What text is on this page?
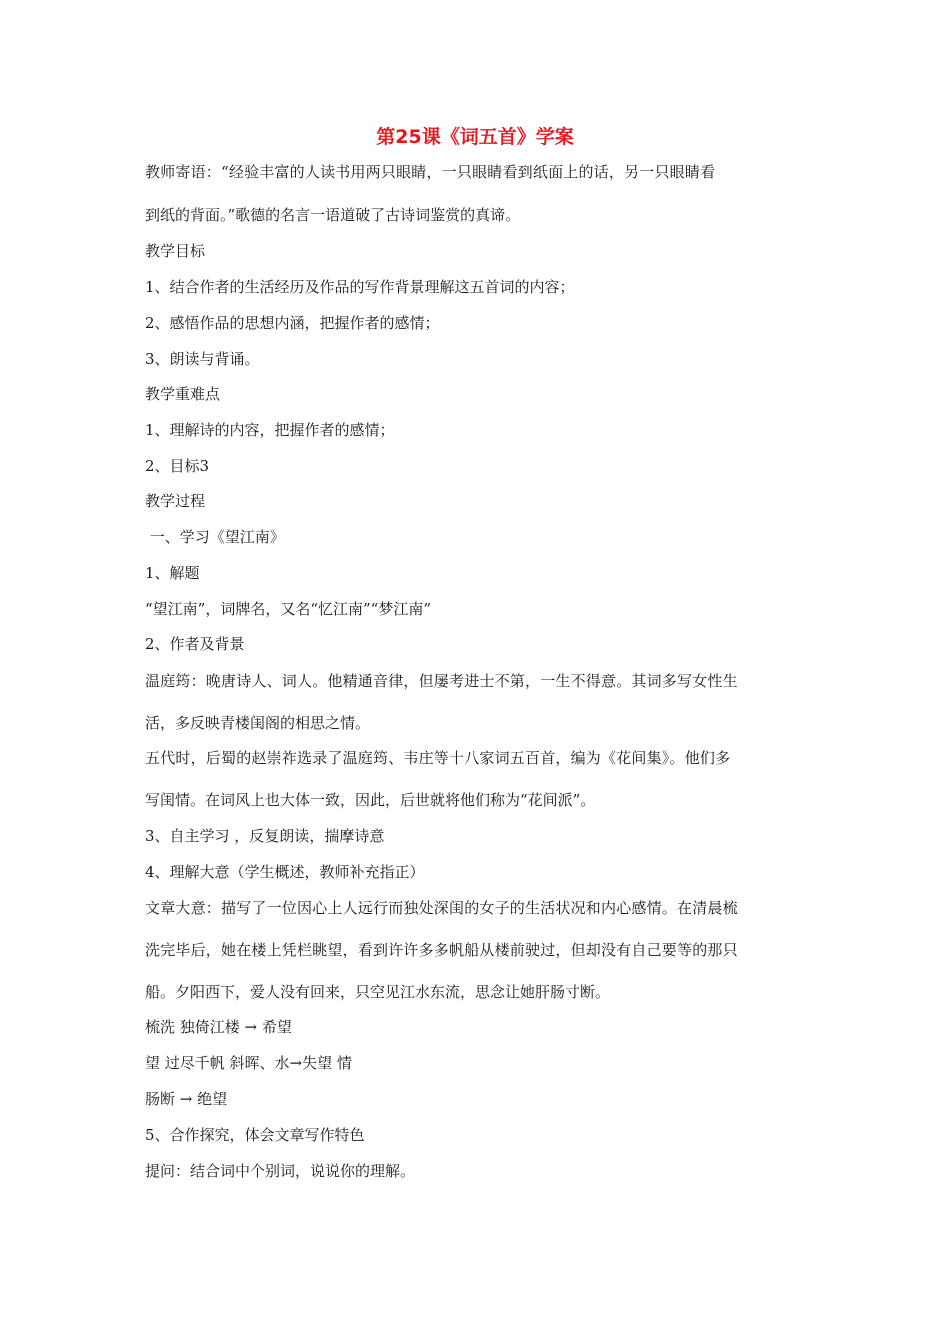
第25课《词五首》学案
教师寄语：“经验丰富的人读书用两只眼睛，一只眼睛看到纸面上的话，另一只眼睛看
到纸的背面。”歌德的名言一语道破了古诗词鉴赏的真谛。
教学目标
1、结合作者的生活经历及作品的写作背景理解这五首词的内容；
2、感悟作品的思想内涵，把握作者的感情；
3、朗读与背诵。
教学重难点
1、理解诗的内容，把握作者的感情；
2、目标3
教学过程
一、学习《望江南》
1、解题
“望江南”，词牌名，又名“忆江南”“梦江南”
2、作者及背景
温庭筠：晚唐诗人、词人。他精通音律，但屡考进士不第，一生不得意。其词多写女性生
活，多反映青楼闺阁的相思之情。
五代时，后蜀的赵崇祚选录了温庭筠、韦庄等十八家词五百首，编为《花间集》。他们多
写闺情。在词风上也大体一致，因此，后世就将他们称为“花间派”。
3、自主学习 ，反复朗读，揣摩诗意
4、理解大意（学生概述，教师补充指正）
文章大意：描写了一位因心上人远行而独处深闺的女子的生活状况和内心感情。在清晨梳
洗完毕后，她在楼上凭栏眺望，看到许许多多帆船从楼前驶过，但却没有自己要等的那只
船。夕阳西下，爱人没有回来，只空见江水东流，思念让她肝肠寸断。
梳洗 独倚江楼 → 希望
望 过尽千帆 斜晖、水→失望 情
肠断 → 绝望
5、合作探究，体会文章写作特色
提问：结合词中个别词，说说你的理解。
